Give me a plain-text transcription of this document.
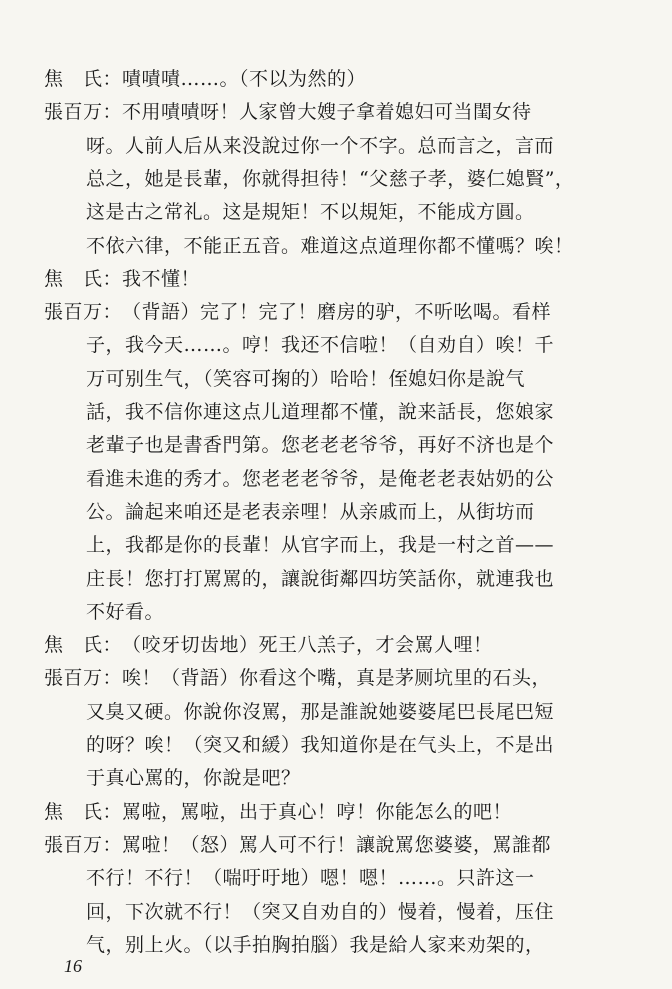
焦　氏：嘖嘖嘖……。（不以为然的）
張百万：不用嘖嘖呀！人家曾大嫂子拿着媳妇可当閨女待
呀。人前人后从来没說过你一个不字。总而言之，言而
总之，她是長輩，你就得担待！“父慈子孝，婆仁媳賢”，
这是古之常礼。这是規矩！不以規矩，不能成方圓。
不依六律，不能正五音。难道这点道理你都不懂嗎？唉！
焦　氏：我不懂！
張百万：（背語）完了！完了！磨房的驴，不听吆喝。看样
子，我今天……。哼！我还不信啦！（自劝自）唉！千
万可别生气，（笑容可掬的）哈哈！侄媳妇你是說气
話，我不信你連这点儿道理都不懂，說来話長，您娘家
老輩子也是書香門第。您老老老爷爷，再好不济也是个
看進未進的秀才。您老老老爷爷，是俺老老表姑奶的公
公。論起来咱还是老表亲哩！从亲戚而上，从街坊而
上，我都是你的長輩！从官字而上，我是一村之首——
庄長！您打打罵罵的，讓說街鄰四坊笑話你，就連我也
不好看。
焦　氏：（咬牙切齿地）死王八羔子，才会罵人哩！
張百万：唉！（背語）你看这个嘴，真是茅厕坑里的石头，
又臭又硬。你說你沒罵，那是誰說她婆婆尾巴長尾巴短
的呀？唉！（突又和緩）我知道你是在气头上，不是出
于真心罵的，你說是吧？
焦　氏：罵啦，罵啦，出于真心！哼！你能怎么的吧！
張百万：罵啦！（怒）罵人可不行！讓說罵您婆婆，罵誰都
不行！不行！（喘吁吁地）嗯！嗯！……。只許这一
回，下次就不行！（突又自劝自的）慢着，慢着，压住
气，别上火。（以手拍胸拍腦）我是給人家来劝架的，
16
